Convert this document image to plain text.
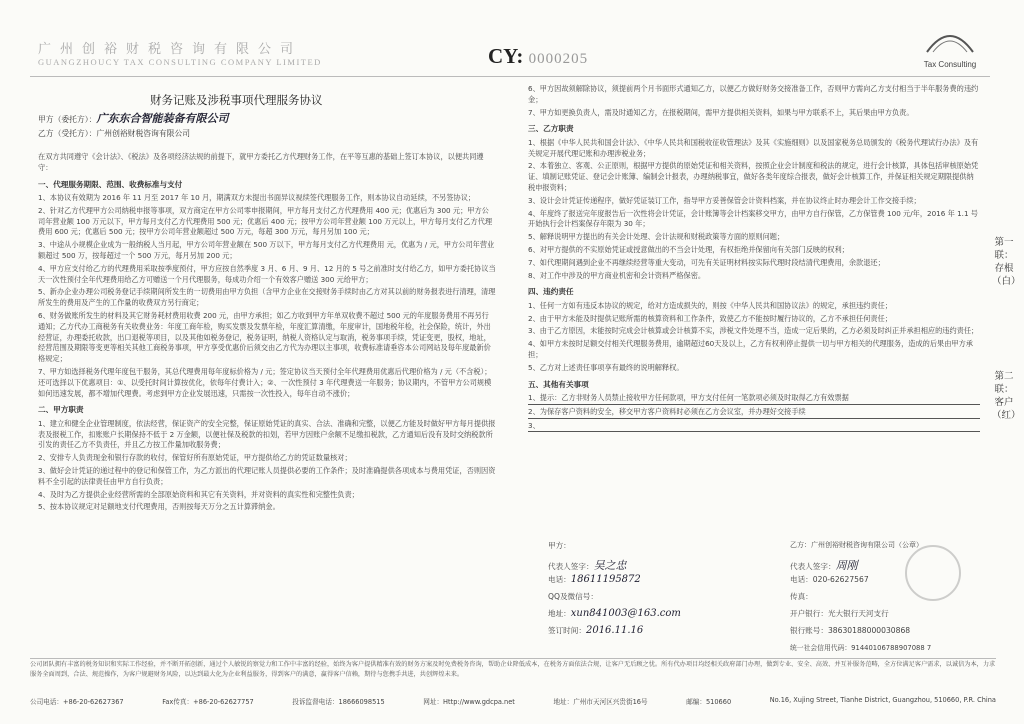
广州创裕财税咨询有限公司
GUANGZHOUCY TAX CONSULTING COMPANY LIMITED	CY: 0000205	Tax Consulting
财务记账及涉税事项代理服务协议
甲方（委托方）：广东东合智能装备有限公司
乙方（受托方）：广州创裕财税咨询有限公司

在双方共同遵守《会计法》、《税法》及各项经济法规的前提下，就甲方委托乙方代理财务工作，在平等互惠的基础上签订本协议，以便共同遵守：

一、代理服务期限、范围、收费标准与支付

1、本协议有效期为 2016 年 11 月至 2017 年 10 月，期满双方未提出书面异议视续签代理服务工作，则本协议自动延续，不另签协议；

2、针对乙方代理甲方公司纳税申报等事项，双方商定在甲方公司零申报期间，甲方每月支付乙方代理费用 400 元；优惠后为 300 元；甲方公司年营业额 100 万元以下，甲方每月支付乙方代理费用 500 元；优惠后 400 元；按甲方公司年营业额 100 万元以上，甲方每月支付乙方代理费用 600 元；优惠后 500 元；按甲方公司年营业额超过 500 万元，每超 300 万元，每月另加 100 元；

3、中途从小规模企业成为一般纳税人当月起，甲方公司年营业额在 500 万以下，甲方每月支付乙方代理费用 元，优惠为 / 元，甲方公司年营业额超过 500 万，按每超过一个 500 万元，每月另加 200 元；

4、甲方应支付给乙方的代理费用采取按季度预付，甲方应按自然季度 3 月、6 月、9 月、12 月的 5 号之前准时支付给乙方，如甲方委托协议当天一次性预付全年代理费用给乙方可赠送一个月代理服务，每成功介绍一个有效客户赠送 300 元给甲方；

5、新办企业办理公司税务登记手续期间所发生的一切费用由甲方负担（含甲方企业在交接财务手续时由乙方对其以前的财务报表进行清理，清理所发生的费用及产生的工作量的收费双方另行商定；

6、财务做账所发生的材料及其它财务耗材费用收费 200 元，由甲方承担；如乙方收到甲方年单双收费不超过 500 元的年度服务费用不再另行通知；乙方代办工商税务有关收费业务：年度工商年检，购买发票及发票年检，年度汇算清缴，年度审计，国地税年检，社会保险，统计，外出经营证，办理委托收款，出口退税等项目，以及其他如税务登记，税务证明，纳税人资格认定与取消，税务事项手续，凭证变更，股权，地址，经营范围及期限等变更等相关其他工商税务事项，甲方享受优惠价后须交由乙方代为办理以主事项，收费标准请垂咨本公司网站及每年度最新价格规定；

7、甲方如选择税务代理年度包干服务，其总代理费用每年度标价格为 / 元；签定协议当天预付全年代理费用优惠后代理价格为 / 元（不含税）；还可选择以下优惠项目：①、以受托时间计算按优化，依每年付费计入；②、一次性预付 3 年代理费送一年服务；协议期内，不管甲方公司规模如何迅速发展，都不增加代理费。考虑到甲方企业发展迅速，只需按一次性投入，每年自动不涨价；

二、甲方职责

1、建立和健全企业管理制度，依法经营，保证资产的安全完整，保证原始凭证的真实、合法、准确和完整，以便乙方能及时做好甲方每月提供报表及报税工作，扣账账户长期保持不低于 2 万金额，以便社保及税款的扣划，若甲方因账户余额不足缴扣税款，乙方通知后没有及时交纳税款所引发的责任乙方不负责任，并且乙方按工作量加收服务费；

2、安排专人负责现金和银行存款的收付，保管好所有原始凭证，甲方提供给乙方的凭证数量核对；

3、做好会计凭证的递过程中的登记和保管工作，为乙方派出的代理记账人员提供必要的工作条件；及时准确提供各项成本与费用凭证，否则因资料不全引起的法律责任由甲方自行负责；

4、及时为乙方提供企业经营所需的全部原始资料和其它有关资料，并对资料的真实性和完整性负责；

5、按本协议规定对足额地支付代理费用，否则按每天万分之五计算滞纳金。

6、甲方因故须解除协议，须提前两个月书面形式通知乙方，以便乙方做好财务交接准备工作，否则甲方需向乙方支付相当于半年服务费的违约金；

7、甲方如更换负责人，需及时通知乙方，在报税期间，需甲方提供相关资料，如果与甲方联系不上，其后果由甲方负责。

三、乙方职责

1、根据《中华人民共和国会计法》、《中华人民共和国税收征收管理法》及其《实施细则》以及国家税务总局颁发的《税务代理试行办法》及有关规定开展代理记账和办理涉税业务；

2、本着独立、客观、公正原则，根据甲方提供的原始凭证和相关资料，按照企业会计制度和税法的规定，进行会计核算，具体包括审核原始凭证、填制记账凭证、登记会计账簿、编制会计报表，办理纳税事宜，做好各类年度综合报表，做好会计核算工作，并保证相关规定期限提供纳税申报资料；

3、设计会计凭证传递程序，做好凭证装订工作，指导甲方妥善保管会计资料档案，并在协议终止时办理会计工作交接手续；

4、年度终了报送完年度报告后一次性将会计凭证，会计账簿等会计档案移交甲方，由甲方自行保管，乙方保管费 100 元/年，2016 年 1.1 号开始执行会计档案保存年限为 30 年；

5、解释说明甲方提出的有关会计处理、会计法规和财税政策等方面的原则问题；

6、对甲方提供的不实原始凭证或授意做出的不当会计处理，有权拒绝并保留向有关部门反映的权利；

7、如代理期间遇到企业不再继续经营等重大变动，可先有关证明材料按实际代理时段结清代理费用，余款退还；

8、对工作中涉及的甲方商业机密和会计资料严格保密。

四、违约责任

1、任何一方如有违反本协议的规定，给对方造成损失的，则按《中华人民共和国协议法》的规定，承担违约责任；

2、由于甲方未能及时提供记账所需的核算资料和工作条件，致使乙方不能按时履行协议的，乙方不承担任何责任；

3、由于乙方原因，未能按时完成会计核算或会计核算不实，涉税文件处理不当，造成一定后果的，乙方必须及时纠正并承担相应的违约责任；

4、如甲方未按时足额交付相关代理服务费用，逾期超过60天及以上，乙方有权利停止提供一切与甲方相关的代理服务，造成的后果由甲方承担；

5、乙方对上述责任事项享有最终的说明解释权。

五、其他有关事项

1、提示：乙方非财务人员禁止接收甲方任何款项，甲方支付任何一笔款项必须及时取得乙方有效票据

2、为保存客户资料的安全，移交甲方客户资料时必须在乙方会议室，并办理好交接手续

3、

甲方：
代表人签字：吴之忠
电话：18611195872
QQ及微信号：
地址：xun841003@163.com
签订时间：2016.11.16
乙方：广州创裕财税咨询有限公司（公章）
代表人签字：周刚
电话：020-62627567
传真：
开户银行：光大银行天河支行
银行账号：38630188000030868
统一社会信用代码：91440106788907088 7
第一联：存根（白）
第二联：客户（红）
公司团队拥有丰富的税务知识和实际工作经验，并不断开拓创新，通过个人敏锐的察觉力和工作中丰富的经验，始终为客户提供精准有效的财务方案及时免费税务咨询，帮助企业降低成本，在税务方面依法合规，让客户无后顾之忧。所有代办项目均经相关政府部门办理，做到专业、安全、高效、并互补服务范畴，全方位满足客户需求，以诚信为本，力求服务全面周到，合法、规范操作，为客户规避财务风险，以达到最大化为企业利益服务，得到客户的满意，赢得客户信赖，期待与您携手共进，共创辉煌未来。
公司电话：+86-20-62627367	Fax传真：+86-20-62627757	投诉监督电话：18666098515	网址：Http://www.gdcpa.net	地址：广州市天河区兴贵街16号	邮编：510660	No.16, Xujing Street, Tianhe District, Guangzhou, 510660, P.R. China
